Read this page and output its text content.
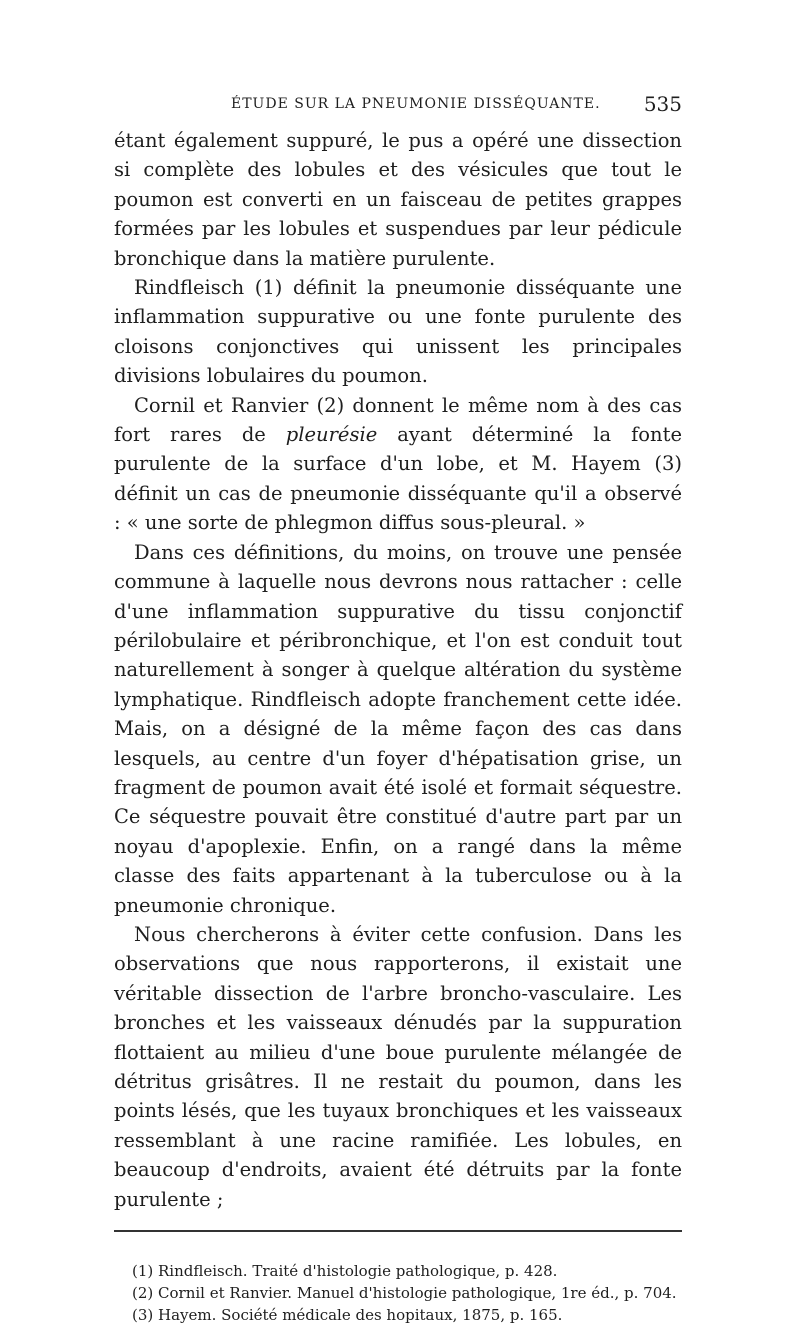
ÉTUDE SUR LA PNEUMONIE DISSÉQUANTE. 535

étant également suppuré, le pus a opéré une dissection si complète des lobules et des vésicules que tout le poumon est converti en un faisceau de petites grappes formées par les lobules et suspendues par leur pédicule bronchique dans la matière purulente.

Rindfleisch (1) définit la pneumonie disséquante une inflammation suppurative ou une fonte purulente des cloisons conjonctives qui unissent les principales divisions lobulaires du poumon.

Cornil et Ranvier (2) donnent le même nom à des cas fort rares de pleurésie ayant déterminé la fonte purulente de la surface d'un lobe, et M. Hayem (3) définit un cas de pneumonie disséquante qu'il a observé : « une sorte de phlegmon diffus sous-pleural. »

Dans ces définitions, du moins, on trouve une pensée commune à laquelle nous devrons nous rattacher : celle d'une inflammation suppurative du tissu conjonctif périlobulaire et péribronchique, et l'on est conduit tout naturellement à songer à quelque altération du système lymphatique. Rindfleisch adopte franchement cette idée. Mais, on a désigné de la même façon des cas dans lesquels, au centre d'un foyer d'hépatisation grise, un fragment de poumon avait été isolé et formait séquestre. Ce séquestre pouvait être constitué d'autre part par un noyau d'apoplexie. Enfin, on a rangé dans la même classe des faits appartenant à la tuberculose ou à la pneumonie chronique.

Nous chercherons à éviter cette confusion. Dans les observations que nous rapporterons, il existait une véritable dissection de l'arbre broncho-vasculaire. Les bronches et les vaisseaux dénudés par la suppuration flottaient au milieu d'une boue purulente mélangée de détritus grisâtres. Il ne restait du poumon, dans les points lésés, que les tuyaux bronchiques et les vaisseaux ressemblant à une racine ramifiée. Les lobules, en beaucoup d'endroits, avaient été détruits par la fonte purulente ;

(1) Rindfleisch. Traité d'histologie pathologique, p. 428.
(2) Cornil et Ranvier. Manuel d'histologie pathologique, 1re éd., p. 704.
(3) Hayem. Société médicale des hopitaux, 1875, p. 165.
